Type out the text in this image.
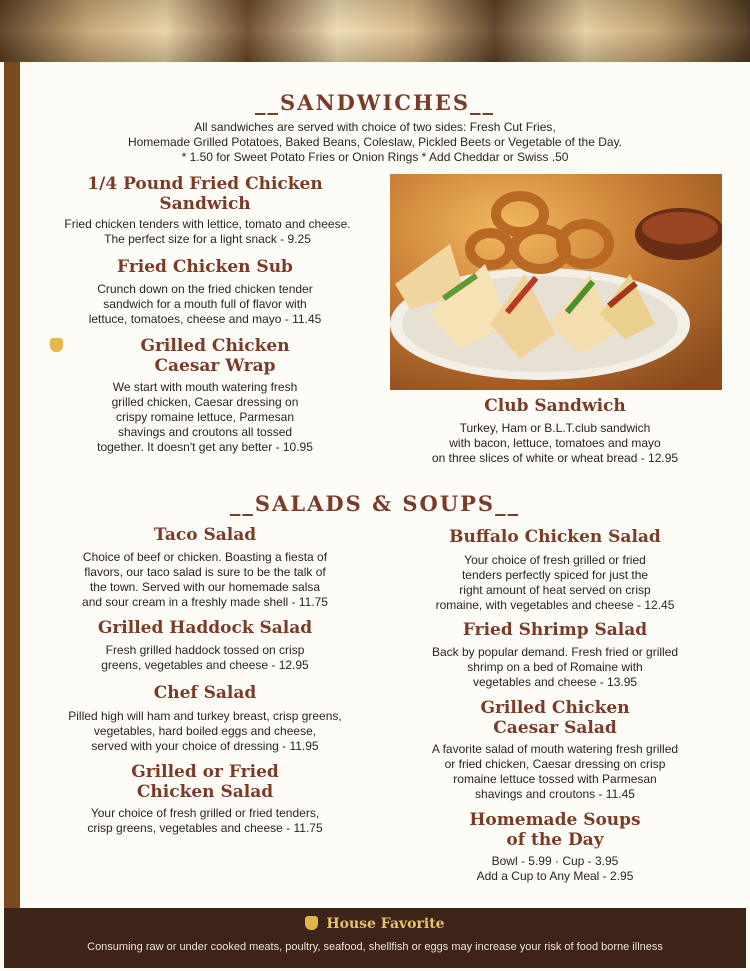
__SANDWICHES__
All sandwiches are served with choice of two sides: Fresh Cut Fries,
Homemade Grilled Potatoes, Baked Beans, Coleslaw, Pickled Beets or Vegetable of the Day.
* 1.50 for Sweet Potato Fries or Onion Rings * Add Cheddar or Swiss .50
1/4 Pound Fried Chicken
Sandwich
Fried chicken tenders with lettice, tomato and cheese.
The perfect size for a light snack - 9.25
Fried Chicken Sub
Crunch down on the fried chicken tender
sandwich for a mouth full of flavor with
lettuce, tomatoes, cheese and mayo - 11.45
Grilled Chicken
Caesar Wrap
We start with mouth watering fresh
grilled chicken, Caesar dressing on
crispy romaine lettuce, Parmesan
shavings and croutons all tossed
together. It doesn't get any better - 10.95
Club Sandwich
Turkey, Ham or B.L.T.club sandwich
with bacon, lettuce, tomatoes and mayo
on three slices of white or wheat bread - 12.95
__SALADS & SOUPS__
Taco Salad
Choice of beef or chicken. Boasting a fiesta of
flavors, our taco salad is sure to be the talk of
the town. Served with our homemade salsa
and sour cream in a freshly made shell - 11.75
Grilled Haddock Salad
Fresh grilled haddock tossed on crisp
greens, vegetables and cheese - 12.95
Chef Salad
Pilled high will ham and turkey breast, crisp greens,
vegetables, hard boiled eggs and cheese,
served with your choice of dressing - 11.95
Grilled or Fried
Chicken Salad
Your choice of fresh grilled or fried tenders,
crisp greens, vegetables and cheese - 11.75
Buffalo Chicken Salad
Your choice of fresh grilled or fried
tenders perfectly spiced for just the
right amount of heat served on crisp
romaine, with vegetables and cheese - 12.45
Fried Shrimp Salad
Back by popular demand. Fresh fried or grilled
shrimp on a bed of Romaine with
vegetables and cheese - 13.95
Grilled Chicken
Caesar Salad
A favorite salad of mouth watering fresh grilled
or fried chicken, Caesar dressing on crisp
romaine lettuce tossed with Parmesan
shavings and croutons - 11.45
Homemade Soups
of the Day
Bowl - 5.99 · Cup - 3.95
Add a Cup to Any Meal - 2.95
House Favorite
Consuming raw or under cooked meats, poultry, seafood, shellfish or eggs may increase your risk of food borne illness
